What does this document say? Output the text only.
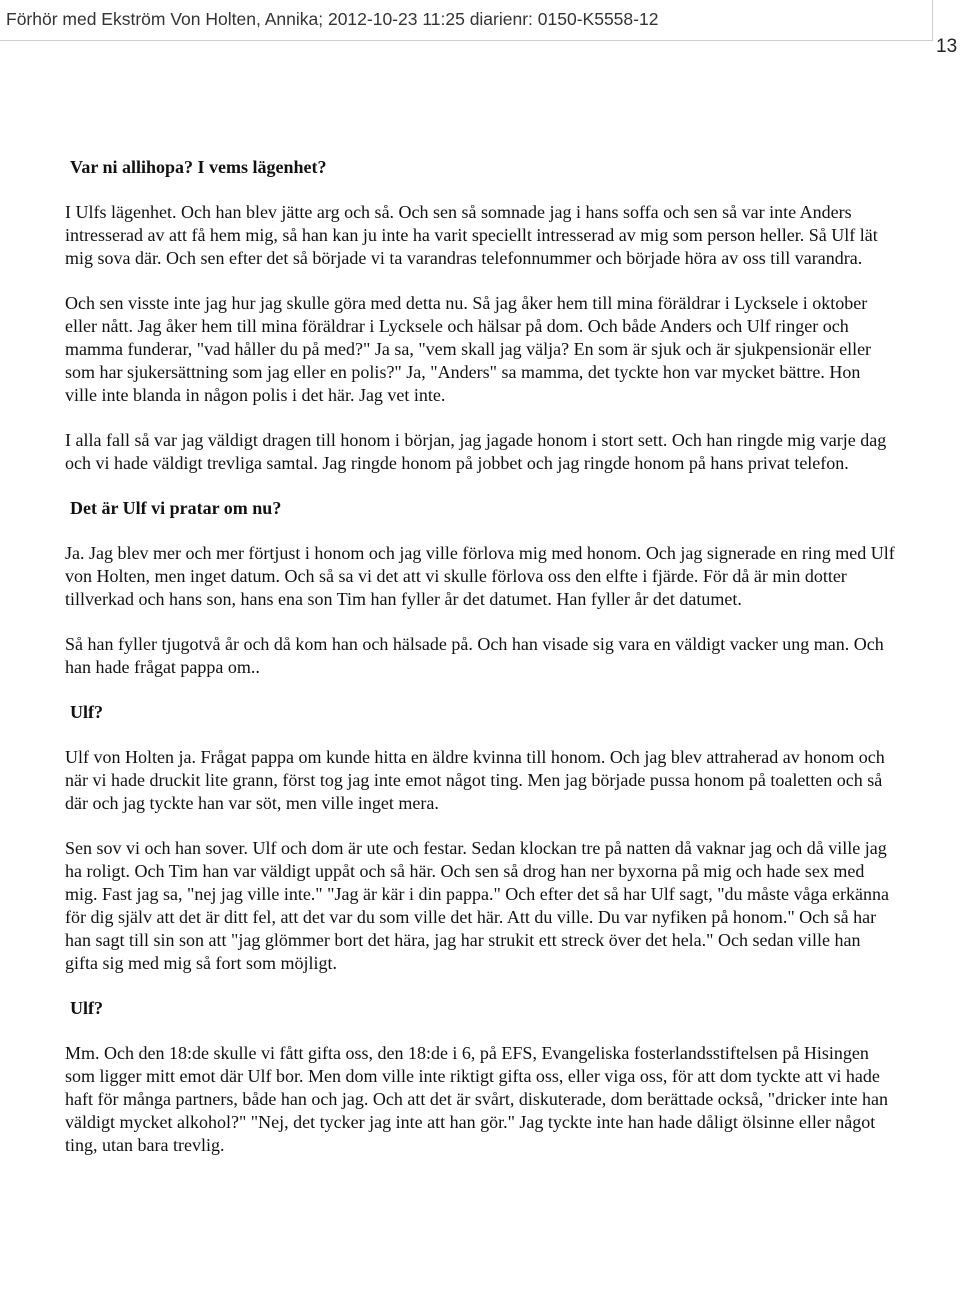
Förhör med Ekström Von Holten, Annika; 2012-10-23 11:25 diarienr: 0150-K5558-12
13

Var ni allihopa? I vems lägenhet?

I Ulfs lägenhet. Och han blev jätte arg och så. Och sen så somnade jag i hans soffa och sen så var inte Anders intresserad av att få hem mig, så han kan ju inte ha varit speciellt intresserad av mig som person heller. Så Ulf lät mig sova där. Och sen efter det så började vi ta varandras telefonnummer och började höra av oss till varandra.

Och sen visste inte jag hur jag skulle göra med detta nu. Så jag åker hem till mina föräldrar i Lycksele i oktober eller nått. Jag åker hem till mina föräldrar i Lycksele och hälsar på dom. Och både Anders och Ulf ringer och mamma funderar, "vad håller du på med?" Ja sa, "vem skall jag välja? En som är sjuk och är sjukpensionär eller som har sjukersättning som jag eller en polis?" Ja, "Anders" sa mamma, det tyckte hon var mycket bättre. Hon ville inte blanda in någon polis i det här. Jag vet inte.

I alla fall så var jag väldigt dragen till honom i början, jag jagade honom i stort sett. Och han ringde mig varje dag och vi hade väldigt trevliga samtal. Jag ringde honom på jobbet och jag ringde honom på hans privat telefon.

Det är Ulf vi pratar om nu?

Ja. Jag blev mer och mer förtjust i honom och jag ville förlova mig med honom. Och jag signerade en ring med Ulf von Holten, men inget datum. Och så sa vi det att vi skulle förlova oss den elfte i fjärde. För då är min dotter tillverkad och hans son, hans ena son Tim han fyller år det datumet. Han fyller år det datumet.

Så han fyller tjugotvå år och då kom han och hälsade på. Och han visade sig vara en väldigt vacker ung man. Och han hade frågat pappa om..

Ulf?

Ulf von Holten ja. Frågat pappa om kunde hitta en äldre kvinna till honom. Och jag blev attraherad av honom och när vi hade druckit lite grann, först tog jag inte emot något ting. Men jag började pussa honom på toaletten och så där och jag tyckte han var söt, men ville inget mera.

Sen sov vi och han sover. Ulf och dom är ute och festar. Sedan klockan tre på natten då vaknar jag och då ville jag ha roligt. Och Tim han var väldigt uppåt och så här. Och sen så drog han ner byxorna på mig och hade sex med mig. Fast jag sa, "nej jag ville inte." "Jag är kär i din pappa." Och efter det så har Ulf sagt, "du måste våga erkänna för dig själv att det är ditt fel, att det var du som ville det här. Att du ville. Du var nyfiken på honom." Och så har han sagt till sin son att "jag glömmer bort det hära, jag har strukit ett streck över det hela." Och sedan ville han gifta sig med mig så fort som möjligt.

Ulf?

Mm. Och den 18:de skulle vi fått gifta oss, den 18:de i 6, på EFS, Evangeliska fosterlandsstiftelsen på Hisingen som ligger mitt emot där Ulf bor. Men dom ville inte riktigt gifta oss, eller viga oss, för att dom tyckte att vi hade haft för många partners, både han och jag. Och att det är svårt, diskuterade, dom berättade också, "dricker inte han väldigt mycket alkohol?" "Nej, det tycker jag inte att han gör." Jag tyckte inte han hade dåligt ölsinne eller något ting, utan bara trevlig.
